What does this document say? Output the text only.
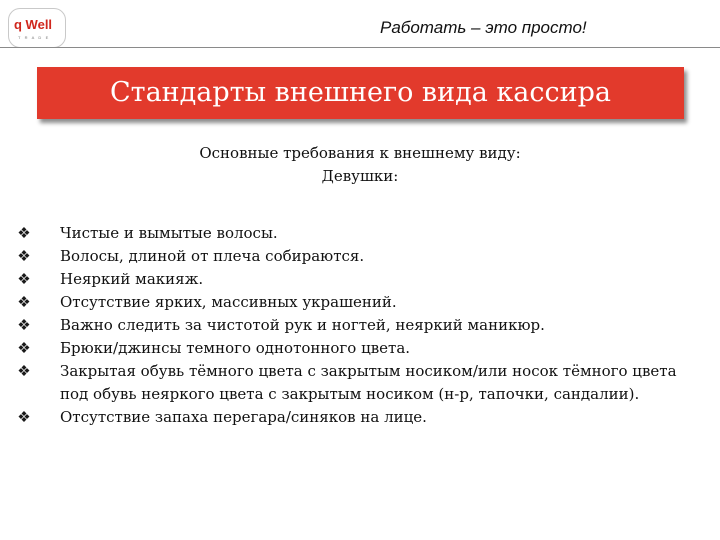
q Well
T R A D E
Работать – это просто!
Стандарты внешнего вида кассира
Основные требования к внешнему виду:
Девушки:
❖ Чистые и вымытые волосы.
❖ Волосы, длиной от плеча собираются.
❖ Неяркий макияж.
❖ Отсутствие ярких, массивных украшений.
❖ Важно следить за чистотой рук и ногтей, неяркий маникюр.
❖ Брюки/джинсы темного однотонного цвета.
❖ Закрытая обувь тёмного цвета с закрытым носиком/или носок тёмного цвета под обувь неяркого цвета с закрытым носиком (н-р, тапочки, сандалии).
❖ Отсутствие запаха перегара/синяков на лице.
